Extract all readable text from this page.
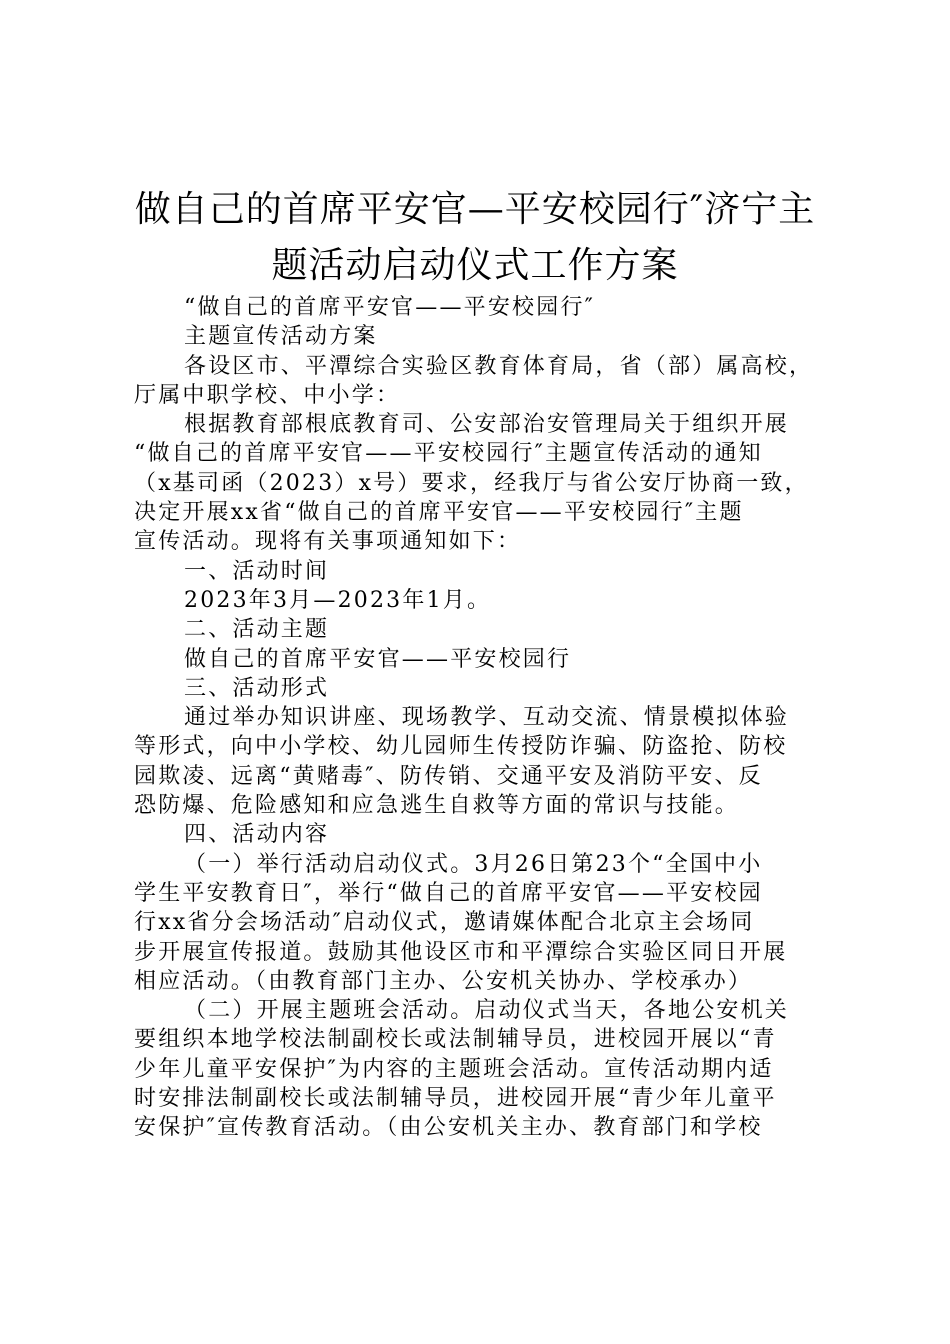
做自己的首席平安官—平安校园行″济宁主
题活动启动仪式工作方案
“做自己的首席平安官——平安校园行″
主题宣传活动方案
各设区市、平潭综合实验区教育体育局，省（部）属高校，
厅属中职学校、中小学：
根据教育部根底教育司、公安部治安管理局关于组织开展
“做自己的首席平安官——平安校园行″主题宣传活动的通知
（x基司函（2023）x号）要求，经我厅与省公安厅协商一致，
决定开展xx省“做自己的首席平安官——平安校园行″主题
宣传活动。现将有关事项通知如下：
一、活动时间
2023年3月—2023年1月。
二、活动主题
做自己的首席平安官——平安校园行
三、活动形式
通过举办知识讲座、现场教学、互动交流、情景模拟体验
等形式，向中小学校、幼儿园师生传授防诈骗、防盗抢、防校
园欺凌、远离“黄赌毒″、防传销、交通平安及消防平安、反
恐防爆、危险感知和应急逃生自救等方面的常识与技能。
四、活动内容
（一）举行活动启动仪式。3月26日第23个“全国中小
学生平安教育日″，举行“做自己的首席平安官——平安校园
行xx省分会场活动″启动仪式，邀请媒体配合北京主会场同
步开展宣传报道。鼓励其他设区市和平潭综合实验区同日开展
相应活动。（由教育部门主办、公安机关协办、学校承办）
（二）开展主题班会活动。启动仪式当天，各地公安机关
要组织本地学校法制副校长或法制辅导员，进校园开展以“青
少年儿童平安保护″为内容的主题班会活动。宣传活动期内适
时安排法制副校长或法制辅导员，进校园开展“青少年儿童平
安保护″宣传教育活动。（由公安机关主办、教育部门和学校
